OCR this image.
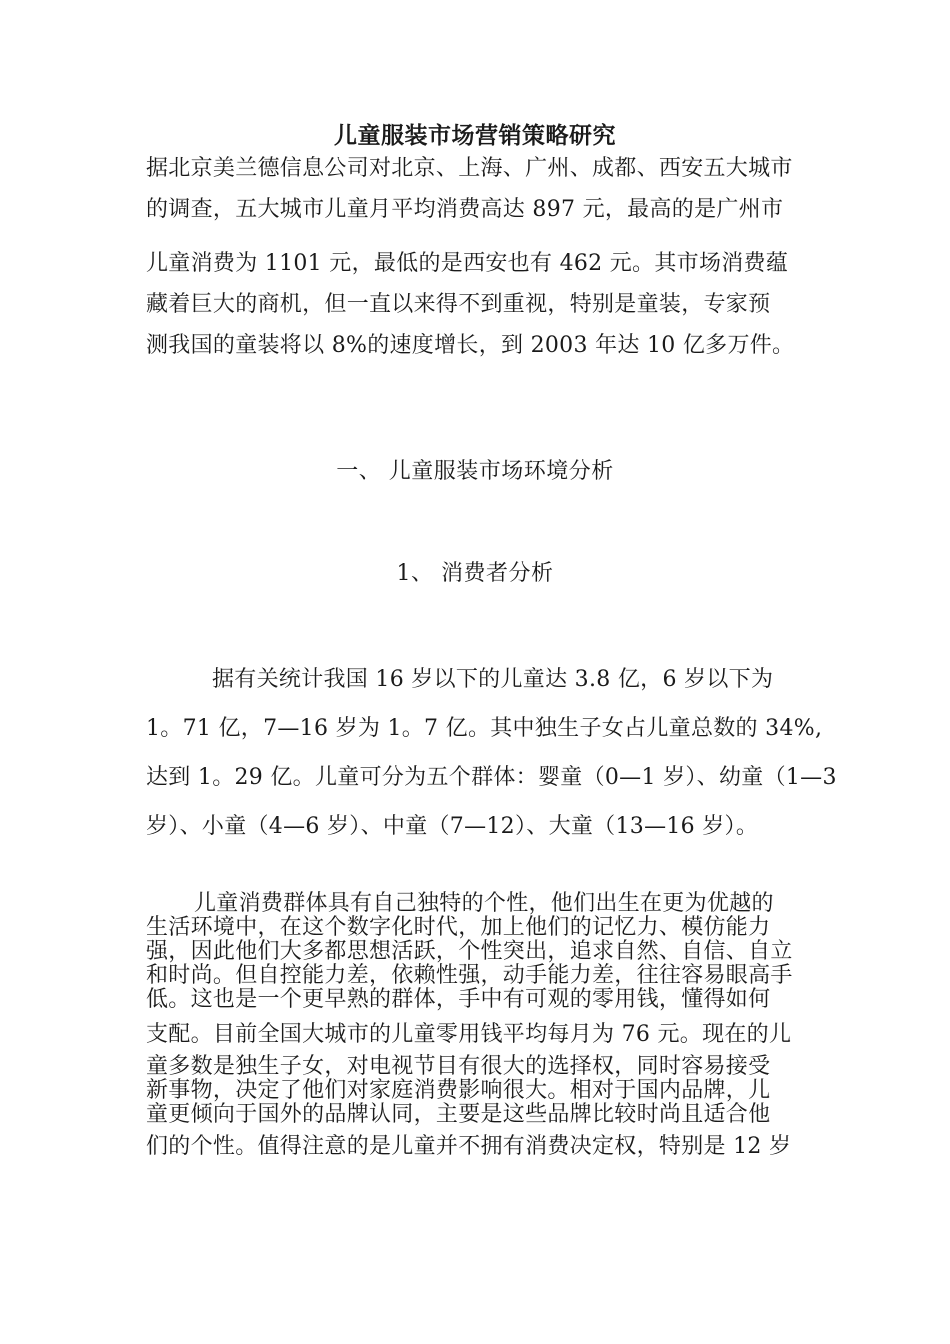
儿童服装市场营销策略研究
据北京美兰德信息公司对北京、上海、广州、成都、西安五大城市
的调查，五大城市儿童月平均消费高达 897 元，最高的是广州市
儿童消费为 1101 元，最低的是西安也有 462 元。其市场消费蕴
藏着巨大的商机，但一直以来得不到重视，特别是童装，专家预
测我国的童装将以 8%的速度增长，到 2003 年达 10 亿多万件。
一、 儿童服装市场环境分析
1、 消费者分析
据有关统计我国 16 岁以下的儿童达 3.8 亿，6 岁以下为
1。71 亿，7—16 岁为 1。7 亿。其中独生子女占儿童总数的 34%,
达到 1。29 亿。儿童可分为五个群体：婴童（0—1 岁）、幼童（1—3
岁）、小童（4—6 岁）、中童（7—12）、大童（13—16 岁）。
儿童消费群体具有自己独特的个性，他们出生在更为优越的
生活环境中，在这个数字化时代，加上他们的记忆力、模仿能力
强，因此他们大多都思想活跃，个性突出，追求自然、自信、自立
和时尚。但自控能力差，依赖性强，动手能力差，往往容易眼高手
低。这也是一个更早熟的群体，手中有可观的零用钱，懂得如何
支配。目前全国大城市的儿童零用钱平均每月为 76 元。现在的儿
童多数是独生子女，对电视节目有很大的选择权，同时容易接受
新事物，决定了他们对家庭消费影响很大。相对于国内品牌，儿
童更倾向于国外的品牌认同，主要是这些品牌比较时尚且适合他
们的个性。值得注意的是儿童并不拥有消费决定权，特别是 12 岁
